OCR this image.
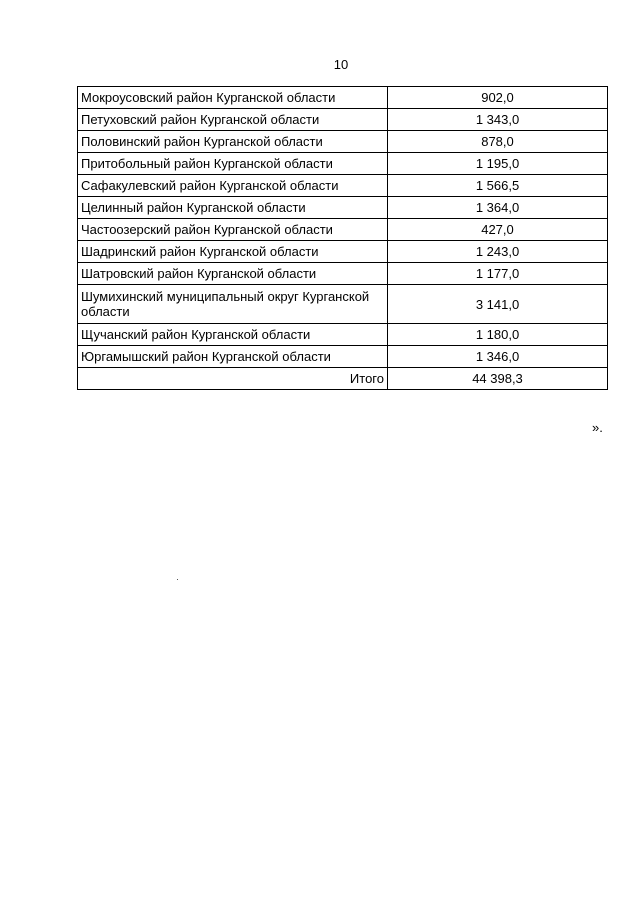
10
Мокроусовский район Курганской области	902,0
Петуховский район Курганской области	1 343,0
Половинский район Курганской области	878,0
Притобольный район Курганской области	1 195,0
Сафакулевский район Курганской области	1 566,5
Целинный район Курганской области	1 364,0
Частоозерский район Курганской области	427,0
Шадринский район Курганской области	1 243,0
Шатровский район Курганской области	1 177,0
Шумихинский муниципальный округ Курганской области	3 141,0
Щучанский район Курганской области	1 180,0
Юргамышский район Курганской области	1 346,0
Итого	44 398,3
».
